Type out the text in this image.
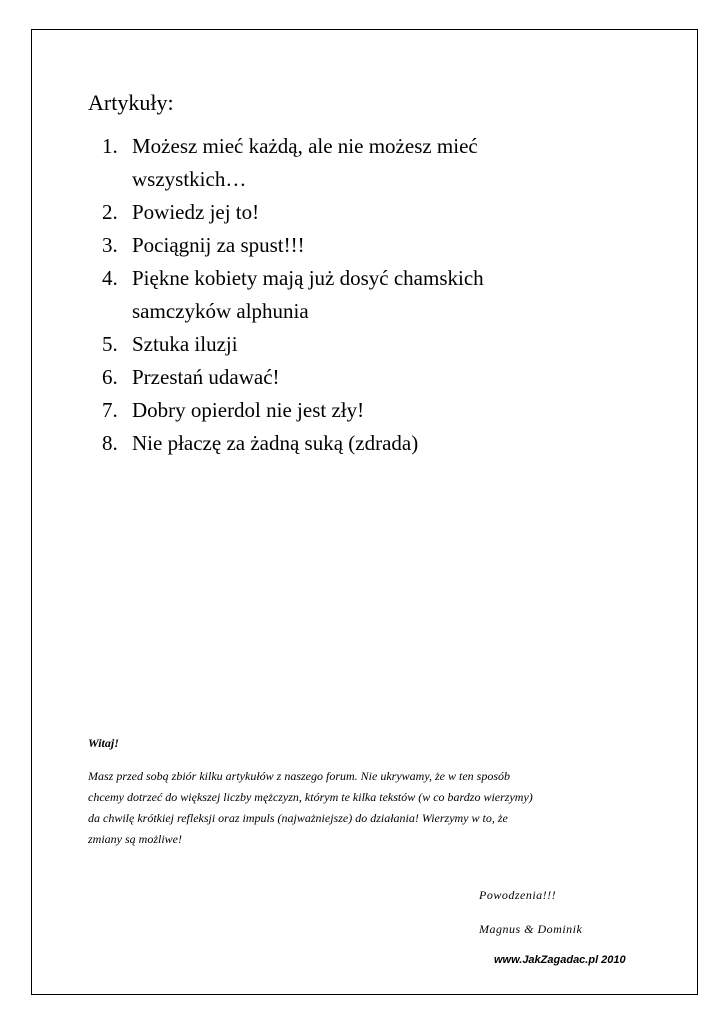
Artykuły:
1. Możesz mieć każdą, ale nie możesz mieć
wszystkich…
2. Powiedz jej to!
3. Pociągnij za spust!!!
4. Piękne kobiety mają już dosyć chamskich
samczyków alphunia
5. Sztuka iluzji
6. Przestań udawać!
7. Dobry opierdol nie jest zły!
8. Nie płaczę za żadną suką (zdrada)

Witaj!

Masz przed sobą zbiór kilku artykułów z naszego forum. Nie ukrywamy, że w ten sposób
chcemy dotrzeć do większej liczby mężczyzn, którym te kilka tekstów (w co bardzo wierzymy)
da chwilę krótkiej refleksji oraz impuls (najważniejsze) do działania! Wierzymy w to, że
zmiany są możliwe!

Powodzenia!!!

Magnus & Dominik

www.JakZagadac.pl 2010
